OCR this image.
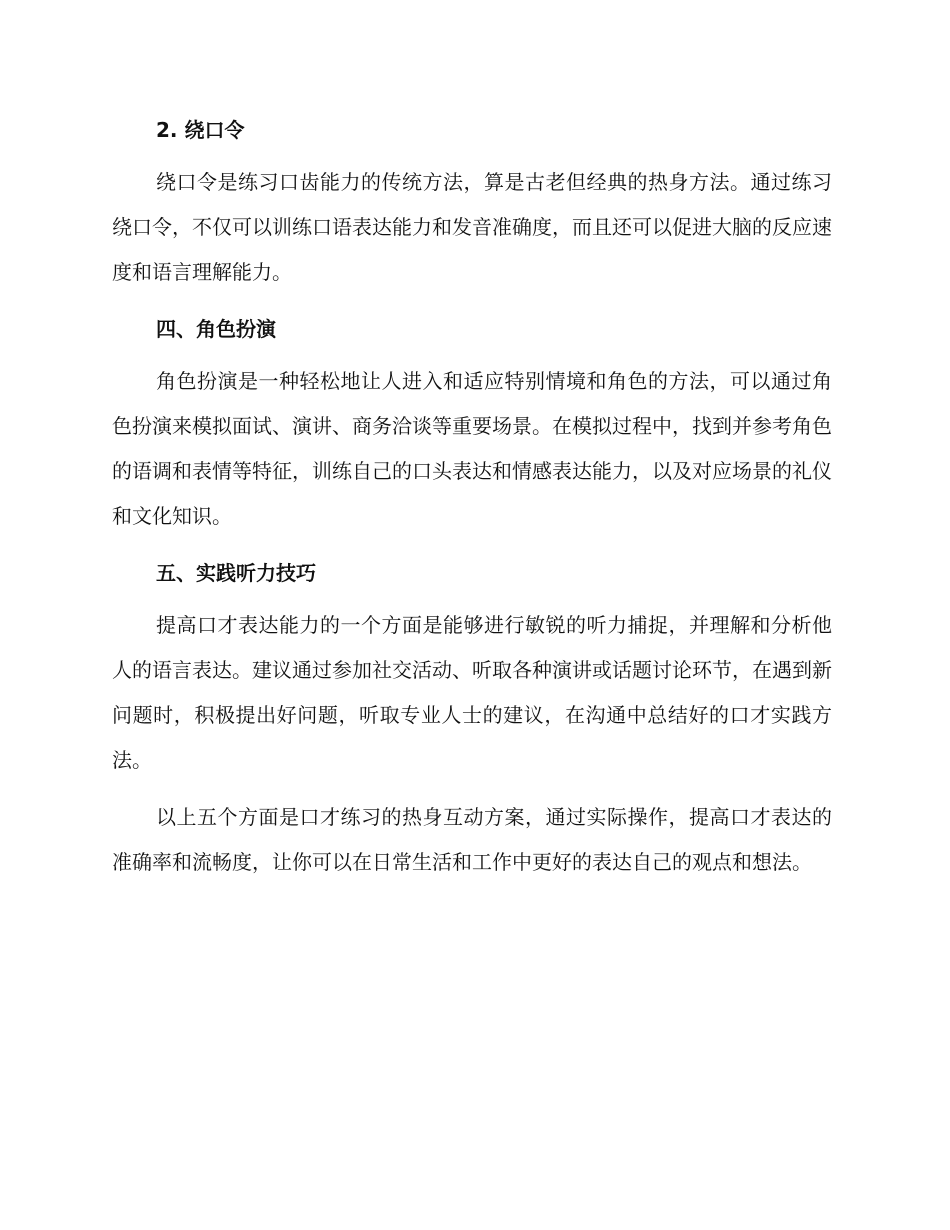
2. 绕口令

绕口令是练习口齿能力的传统方法，算是古老但经典的热身方法。通过练习绕口令，不仅可以训练口语表达能力和发音准确度，而且还可以促进大脑的反应速度和语言理解能力。

四、角色扮演

角色扮演是一种轻松地让人进入和适应特别情境和角色的方法，可以通过角色扮演来模拟面试、演讲、商务洽谈等重要场景。在模拟过程中，找到并参考角色的语调和表情等特征，训练自己的口头表达和情感表达能力，以及对应场景的礼仪和文化知识。

五、实践听力技巧

提高口才表达能力的一个方面是能够进行敏锐的听力捕捉，并理解和分析他人的语言表达。建议通过参加社交活动、听取各种演讲或话题讨论环节，在遇到新问题时，积极提出好问题，听取专业人士的建议，在沟通中总结好的口才实践方法。

以上五个方面是口才练习的热身互动方案，通过实际操作，提高口才表达的准确率和流畅度，让你可以在日常生活和工作中更好的表达自己的观点和想法。
